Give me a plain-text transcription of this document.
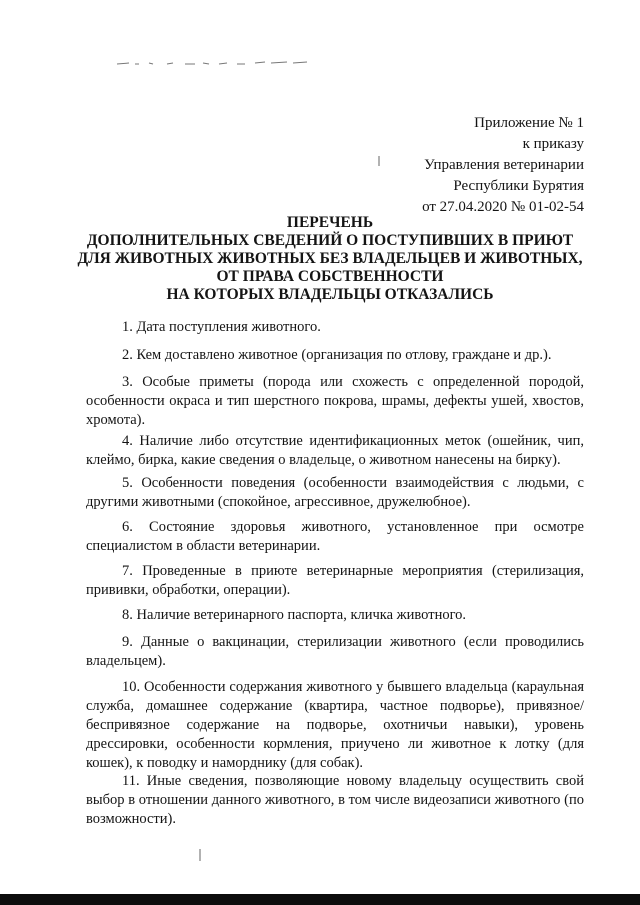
Приложение № 1
к приказу
Управления ветеринарии
Республики Бурятия
от 27.04.2020 № 01-02-54
ПЕРЕЧЕНЬ
ДОПОЛНИТЕЛЬНЫХ СВЕДЕНИЙ О ПОСТУПИВШИХ В ПРИЮТ
ДЛЯ ЖИВОТНЫХ ЖИВОТНЫХ БЕЗ ВЛАДЕЛЬЦЕВ И ЖИВОТНЫХ,
ОТ ПРАВА СОБСТВЕННОСТИ
НА КОТОРЫХ ВЛАДЕЛЬЦЫ ОТКАЗАЛИСЬ
1. Дата поступления животного.
2. Кем доставлено животное (организация по отлову, граждане и др.).
3. Особые приметы (порода или схожесть с определенной породой, особенности окраса и тип шерстного покрова, шрамы, дефекты ушей, хвостов, хромота).
4. Наличие либо отсутствие идентификационных меток (ошейник, чип, клеймо, бирка, какие сведения о владельце, о животном нанесены на бирку).
5. Особенности поведения (особенности взаимодействия с людьми, с другими животными (спокойное, агрессивное, дружелюбное).
6. Состояние здоровья животного, установленное при осмотре специалистом в области ветеринарии.
7. Проведенные в приюте ветеринарные мероприятия (стерилизация, прививки, обработки, операции).
8. Наличие ветеринарного паспорта, кличка животного.
9. Данные о вакцинации, стерилизации животного (если проводились владельцем).
10. Особенности содержания животного у бывшего владельца (караульная служба, домашнее содержание (квартира, частное подворье), привязное/беспривязное содержание на подворье, охотничьи навыки), уровень дрессировки, особенности кормления, приучено ли животное к лотку (для кошек), к поводку и наморднику (для собак).
11. Иные сведения, позволяющие новому владельцу осуществить свой выбор в отношении данного животного, в том числе видеозаписи животного (по возможности).
